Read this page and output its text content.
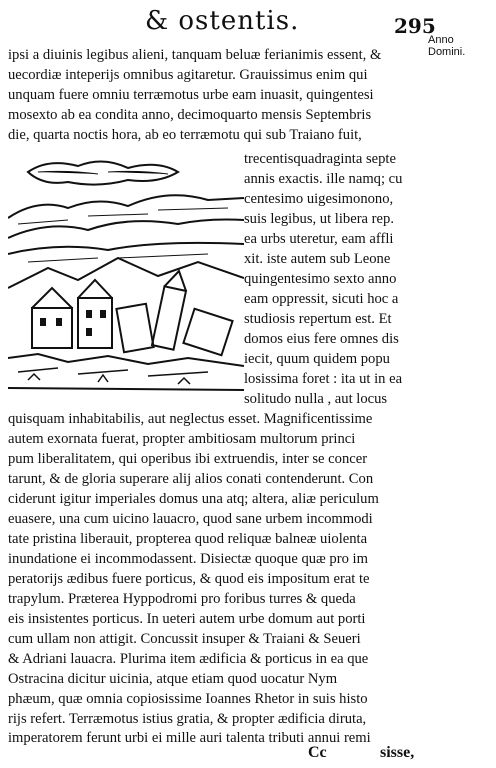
& ostentis.	295
Anno Domini.
ipsi a diuinis legibus alieni, tanquam beluæ ferianimis essent, &
uecordiæ inteperijs omnibus agitaretur. Grauissimus enim qui
unquam fuere omniu terræmotus urbe eam inuasit, quingentesi
mosexto ab ea condita anno, decimoquarto mensis Septembris
die, quarta noctis hora, ab eo terræmotu qui sub Traiano fuit,
trecentisquadraginta septe
annis exactis. ille namq; cu
centesimo uigesimonono,
suis legibus, ut libera rep.
ea urbs uteretur, eam affli
xit. iste autem sub Leone
quingentesimo sexto anno
eam oppressit, sicuti hoc a
studiosis repertum est. Et
domos eius fere omnes dis
iecit, quum quidem popu
losissima foret : ita ut in ea
solitudo nulla , aut locus
quisquam inhabitabilis, aut neglectus esset. Magnificentissime
autem exornata fuerat, propter ambitiosam multorum princi
pum liberalitatem, qui operibus ibi extruendis, inter se concer
tarunt, & de gloria superare alij alios conati contenderunt. Con
ciderunt igitur imperiales domus una atq; altera, aliæ periculum
euasere, una cum uicino lauacro, quod sane urbem incommodi
tate pristina liberauit, propterea quod reliquæ balneæ uiolenta
inundatione ei incommodassent. Disiectæ quoque quæ pro im
peratorijs ædibus fuere porticus, & quod eis impositum erat te
trapylum. Præterea Hyppodromi pro foribus turres & queda
eis insistentes porticus. In ueteri autem urbe domum aut porti
cum ullam non attigit. Concussit insuper & Traiani & Seueri
& Adriani lauacra. Plurima item ædificia & porticus in ea que
Ostracina dicitur uicinia, atque etiam quod uocatur Nym
phæum, quæ omnia copiosissime Ioannes Rhetor in suis histo
rijs refert. Terræmotus istius gratia, & propter ædificia diruta,
imperatorem ferunt urbi ei mille auri talenta tributi annui remi
Cc	sisse,
